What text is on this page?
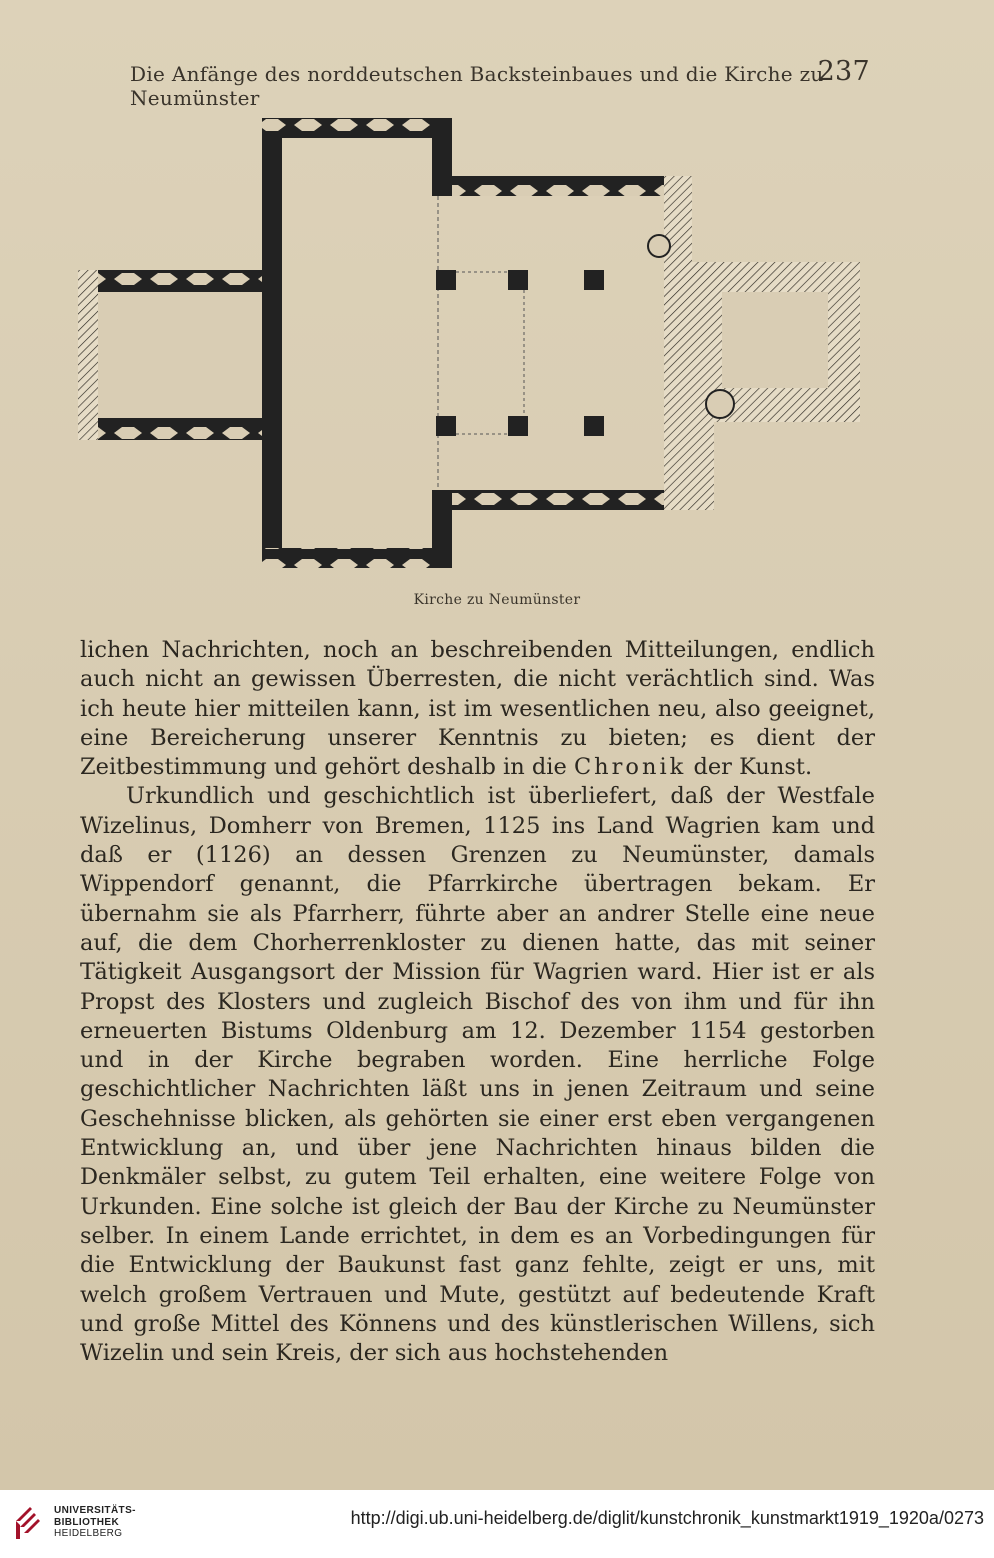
Die Anfänge des norddeutschen Backsteinbaues und die Kirche zu Neumünster
237
Kirche zu Neumünster

lichen Nachrichten, noch an beschreibenden Mitteilungen, endlich auch nicht an gewissen Überresten, die nicht verächtlich sind. Was ich heute hier mitteilen kann, ist im wesentlichen neu, also geeignet, eine Bereicherung unserer Kenntnis zu bieten; es dient der Zeitbestimmung und gehört deshalb in die Chronik der Kunst.

Urkundlich und geschichtlich ist überliefert, daß der Westfale Wizelinus, Domherr von Bremen, 1125 ins Land Wagrien kam und daß er (1126) an dessen Grenzen zu Neumünster, damals Wippendorf genannt, die Pfarrkirche übertragen bekam. Er übernahm sie als Pfarrherr, führte aber an andrer Stelle eine neue auf, die dem Chorherrenkloster zu dienen hatte, das mit seiner Tätigkeit Ausgangsort der Mission für Wagrien ward. Hier ist er als Propst des Klosters und zugleich Bischof des von ihm und für ihn erneuerten Bistums Oldenburg am 12. Dezember 1154 gestorben und in der Kirche begraben worden. Eine herrliche Folge geschichtlicher Nachrichten läßt uns in jenen Zeitraum und seine Geschehnisse blicken, als gehörten sie einer erst eben vergangenen Entwicklung an, und über jene Nachrichten hinaus bilden die Denkmäler selbst, zu gutem Teil erhalten, eine weitere Folge von Urkunden. Eine solche ist gleich der Bau der Kirche zu Neumünster selber. In einem Lande errichtet, in dem es an Vorbedingungen für die Entwicklung der Baukunst fast ganz fehlte, zeigt er uns, mit welch großem Vertrauen und Mute, gestützt auf bedeutende Kraft und große Mittel des Könnens und des künstlerischen Willens, sich Wizelin und sein Kreis, der sich aus hochstehenden

UNIVERSITÄTS-
BIBLIOTHEK
HEIDELBERG
http://digi.ub.uni-heidelberg.de/diglit/kunstchronik_kunstmarkt1919_1920a/0273
